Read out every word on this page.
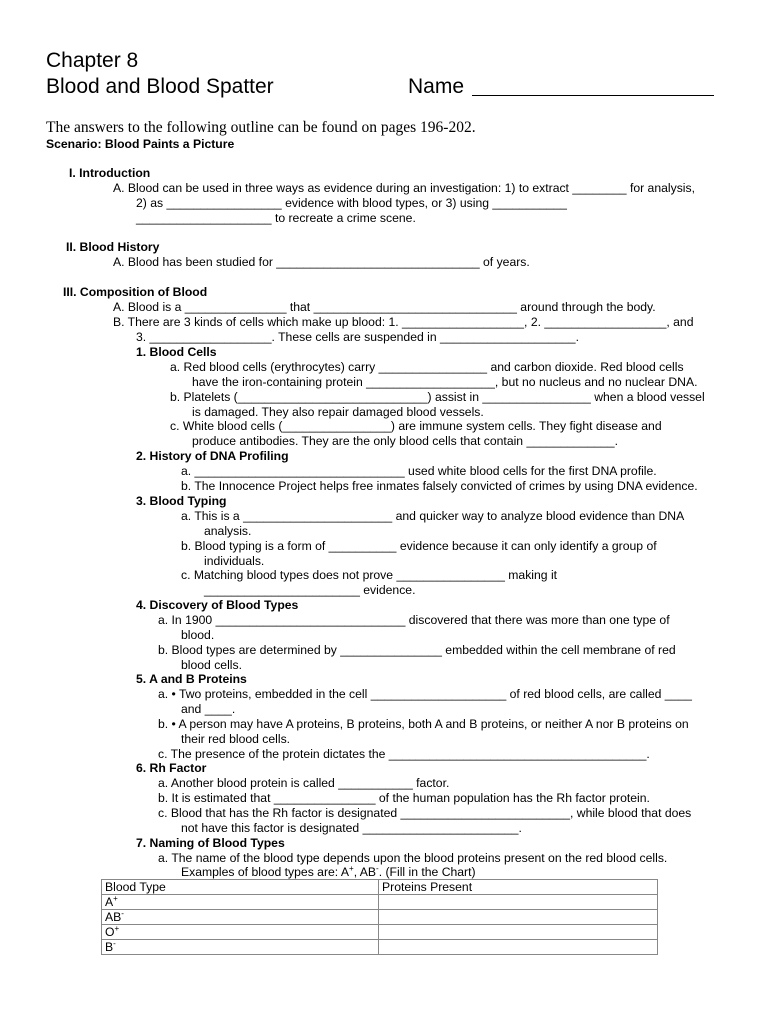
Chapter 8
Blood and Blood Spatter	Name
The answers to the following outline can be found on pages 196-202.
Scenario: Blood Paints a Picture
I. Introduction
A. Blood can be used in three ways as evidence during an investigation: 1) to extract ________ for analysis,
2) as _________________ evidence with blood types, or 3) using ___________
____________________ to recreate a crime scene.
II. Blood History
A. Blood has been studied for ______________________________ of years.
III. Composition of Blood
A. Blood is a _______________ that ______________________________ around through the body.
B. There are 3 kinds of cells which make up blood: 1. __________________, 2. __________________, and
3. __________________. These cells are suspended in ____________________.
1. Blood Cells
a. Red blood cells (erythrocytes) carry ________________ and carbon dioxide. Red blood cells
have the iron-containing protein ___________________, but no nucleus and no nuclear DNA.
b. Platelets (____________________________) assist in ________________ when a blood vessel
is damaged. They also repair damaged blood vessels.
c. White blood cells (________________) are immune system cells. They fight disease and
produce antibodies. They are the only blood cells that contain _____________.
2. History of DNA Profiling
a. _______________________________ used white blood cells for the first DNA profile.
b. The Innocence Project helps free inmates falsely convicted of crimes by using DNA evidence.
3. Blood Typing
a. This is a ______________________ and quicker way to analyze blood evidence than DNA
analysis.
b. Blood typing is a form of __________ evidence because it can only identify a group of
individuals.
c. Matching blood types does not prove ________________ making it
_______________________ evidence.
4. Discovery of Blood Types
a. In 1900 ____________________________ discovered that there was more than one type of
blood.
b. Blood types are determined by _______________ embedded within the cell membrane of red
blood cells.
5. A and B Proteins
a. • Two proteins, embedded in the cell ____________________ of red blood cells, are called ____
and ____.
b. • A person may have A proteins, B proteins, both A and B proteins, or neither A nor B proteins on
their red blood cells.
c. The presence of the protein dictates the ______________________________________.
6. Rh Factor
a. Another blood protein is called ___________ factor.
b. It is estimated that _______________ of the human population has the Rh factor protein.
c. Blood that has the Rh factor is designated _________________________, while blood that does
not have this factor is designated _______________________.
7. Naming of Blood Types
a. The name of the blood type depends upon the blood proteins present on the red blood cells.
Examples of blood types are: A+, AB-. (Fill in the Chart)
Blood Type	Proteins Present
A+	
AB-	
O+	
B-	
